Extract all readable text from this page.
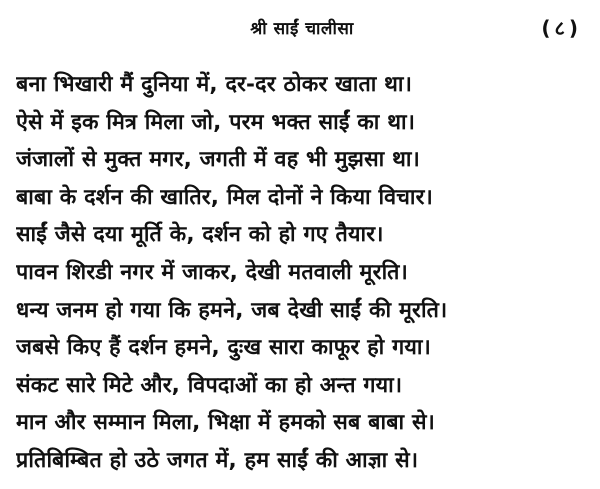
श्री साईं चालीसा	(८)
बना भिखारी मैं दुनिया में, दर-दर ठोकर खाता था।
ऐसे में इक मित्र मिला जो, परम भक्त साईं का था।
जंजालों से मुक्त मगर, जगती में वह भी मुझसा था।
बाबा के दर्शन की खातिर, मिल दोनों ने किया विचार।
साईं जैसे दया मूर्ति के, दर्शन को हो गए तैयार।
पावन शिरडी नगर में जाकर, देखी मतवाली मूरति।
धन्य जनम हो गया कि हमने, जब देखी साईं की मूरति।
जबसे किए हैं दर्शन हमने, दुःख सारा काफूर हो गया।
संकट सारे मिटे और, विपदाओं का हो अन्त गया।
मान और सम्मान मिला, भिक्षा में हमको सब बाबा से।
प्रतिबिम्बित हो उठे जगत में, हम साईं की आज्ञा से।
